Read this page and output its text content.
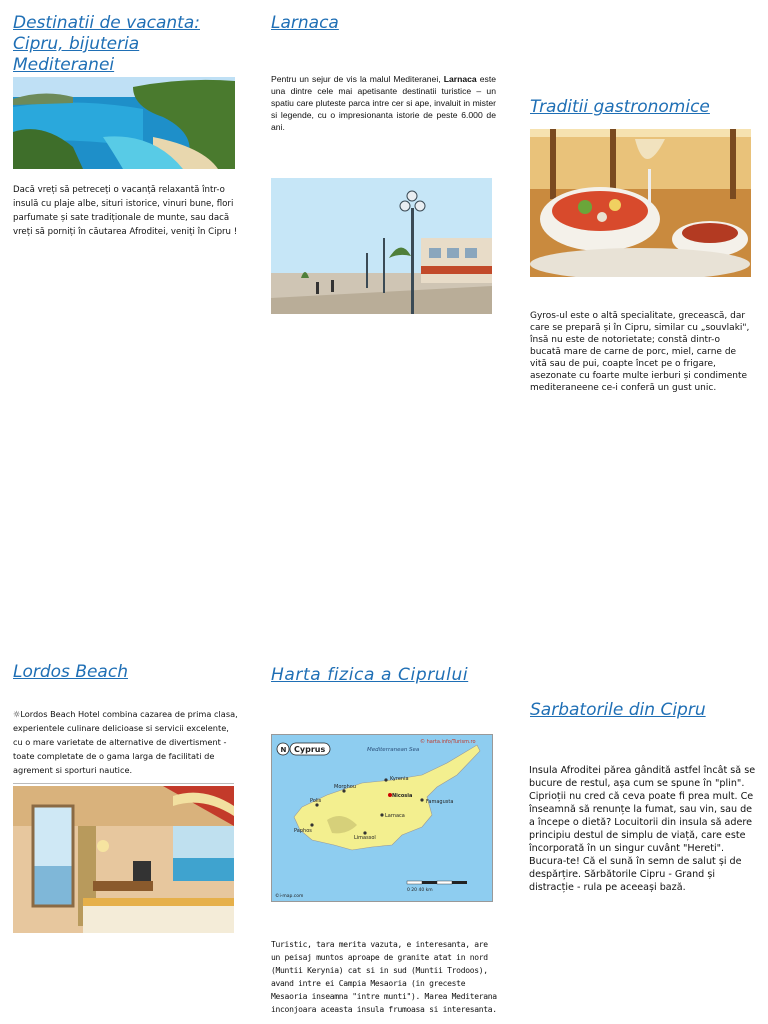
Destinatii de vacanta: Cipru, bijuteria Mediteranei
Dacă vreți să petreceți o vacanță relaxantă într-o insulă cu plaje albe, situri istorice, vinuri bune, flori parfumate și sate tradiționale de munte, sau dacă vreți să porniți în căutarea Afroditei, veniți în Cipru !
Larnaca
Pentru un sejur de vis la malul Mediteranei, Larnaca este una dintre cele mai apetisante destinatii turistice – un spatiu care pluteste parca intre cer si ape, invaluit in mister si legende, cu o impresionanta istorie de peste 6.000 de ani.
Traditii gastronomice
Gyros-ul este o altă specialitate, grecească, dar care se prepară și în Cipru, similar cu „souvlaki", însă nu este de notorietate; constă dintr-o bucată mare de carne de porc, miel, carne de vită sau de pui, coapte încet pe o frigare, asezonate cu foarte multe ierburi și condimente mediteraneene ce-i conferă un gust unic.
Lordos Beach
☼Lordos Beach Hotel combina cazarea de prima clasa, experientele culinare delicioase si servicii excelente, cu o mare varietate de alternative de divertisment - toate completate de o gama larga de facilitati de agrement si sporturi nautice.
Harta fizica a Ciprului
Kyrenia
Famagusta
Nicosia
Larnaca
Limassol
Paphos
Morphou
Polis
Mediterranean Sea
© harta.info/Turism.ro
N Cyprus
0 20 40 km
©i-map.com
Turistic, tara merita vazuta, e interesanta, are un peisaj muntos aproape de granite atat in nord (Muntii Kerynia) cat si in sud (Muntii Trodoos), avand intre ei Campia Mesaoria (in greceste Mesaoria inseamna "intre munti"). Marea Mediterana inconjoara aceasta insula frumoasa si interesanta.
Sarbatorile din Cipru
Insula Afroditei părea gândită astfel încât să se bucure de restul, așa cum se spune în "plin". Ciprioții nu cred că ceva poate fi prea mult. Ce înseamnă să renunțe la fumat, sau vin, sau de a începe o dietă? Locuitorii din insula să adere principiu destul de simplu de viață, care este încorporată în un singur cuvânt "Hereti". Bucura-te! Că el sună în semn de salut și de despărțire. Sărbătorile Cipru - Grand și distracție - rula pe aceeași bază.
